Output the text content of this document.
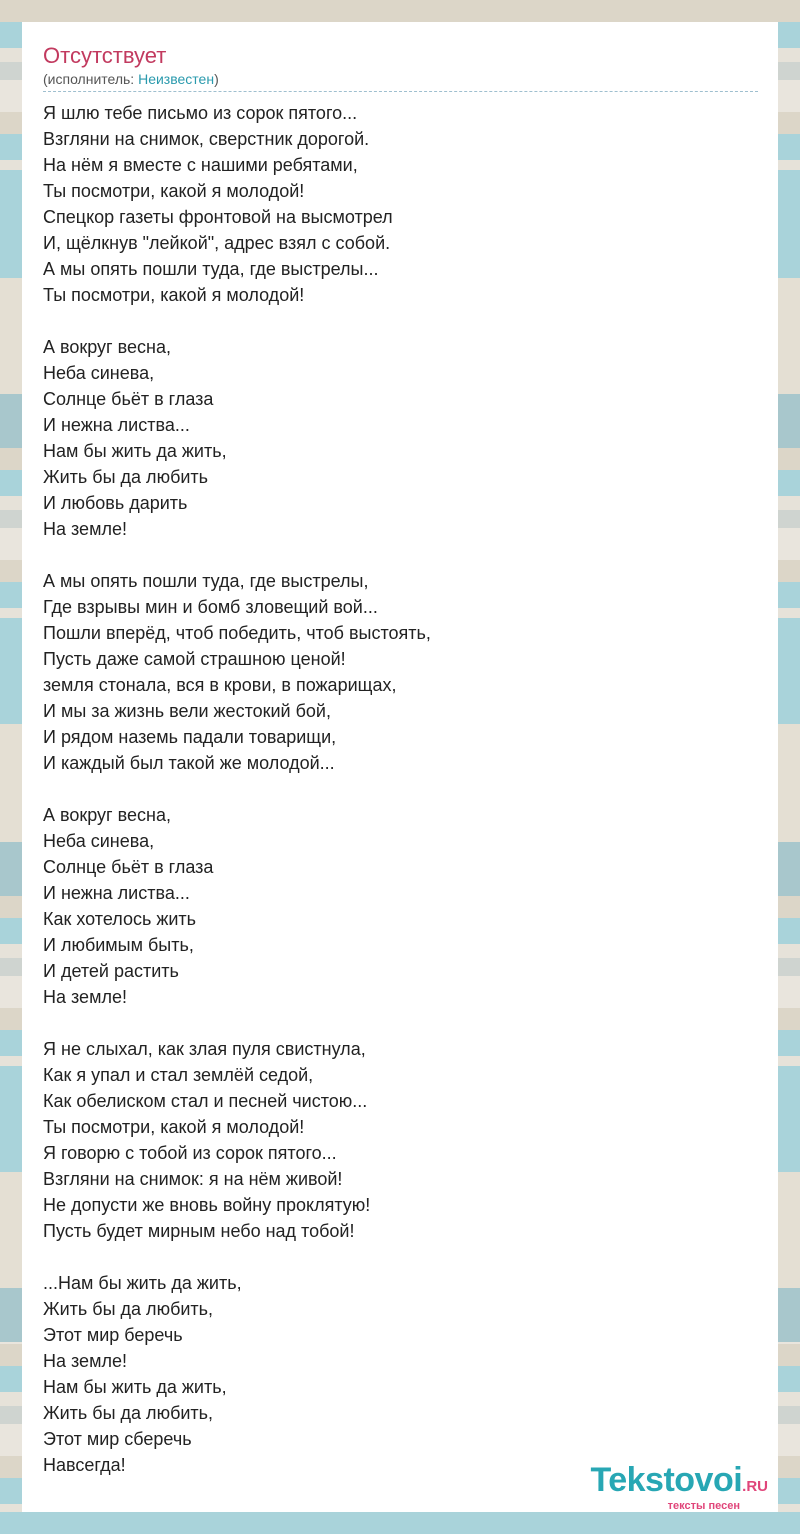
Отсутствует
(исполнитель: Неизвестен)
Я шлю тебе письмо из сорок пятого...
Взгляни на снимок, сверстник дорогой.
На нём я вместе с нашими ребятами,
Ты посмотри, какой я молодой!
Спецкор газеты фронтовой на высмотрел
И, щёлкнув "лейкой", адрес взял с собой.
А мы опять пошли туда, где выстрелы...
Ты посмотри, какой я молодой!
А вокруг весна,
Неба синева,
Солнце бьёт в глаза
И нежна листва...
Нам бы жить да жить,
Жить бы да любить
И любовь дарить
На земле!
А мы опять пошли туда, где выстрелы,
Где взрывы мин и бомб зловещий вой...
Пошли вперёд, чтоб победить, чтоб выстоять,
Пусть даже самой страшною ценой!
земля стонала, вся в крови, в пожарищах,
И мы за жизнь вели жестокий бой,
И рядом наземь падали товарищи,
И каждый был такой же молодой...
А вокруг весна,
Неба синева,
Солнце бьёт в глаза
И нежна листва...
Как хотелось жить
И любимым быть,
И детей растить
На земле!
Я не слыхал, как злая пуля свистнула,
Как я упал и стал землёй седой,
Как обелиском стал и песней чистою...
Ты посмотри, какой я молодой!
Я говорю с тобой из сорок пятого...
Взгляни на снимок: я на нём живой!
Не допусти же вновь войну проклятую!
Пусть будет мирным небо над тобой!
...Нам бы жить да жить,
Жить бы да любить,
Этот мир беречь
На земле!
Нам бы жить да жить,
Жить бы да любить,
Этот мир сберечь
Навсегда!	Tekstovoi.RU
тексты песен
